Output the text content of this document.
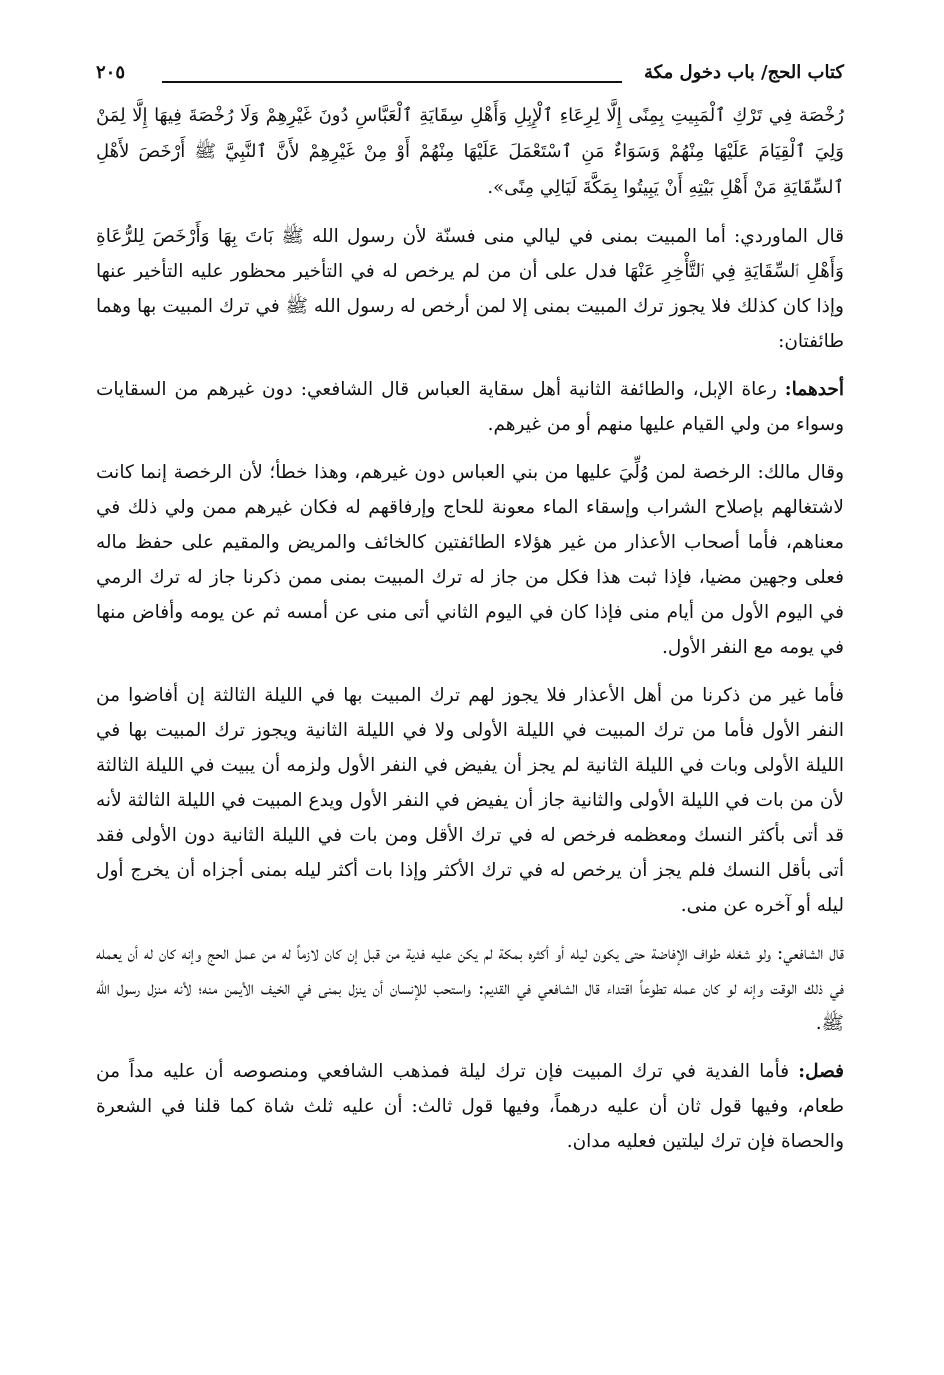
كتاب الحج/ باب دخول مكة
٢٠٥

رُخْصَة فِي تَرْكِ ٱلْمَبِيتِ بِمِنًى إِلَّا لِرِعَاءِ ٱلْإِبِلِ وَأَهْلِ سِقَايَةِ ٱلْعَبَّاسِ دُونَ غَيْرِهِمْ وَلَا رُخْصَةَ فِيهَا إِلَّا لِمَنْ وَلِيَ ٱلْقِيَامَ عَلَيْهَا مِنْهُمْ وَسَوَاءٌ مَنِ ٱسْتَعْمَلَ عَلَيْهَا مِنْهُمْ أَوْ مِنْ غَيْرِهِمْ لأَنَّ ٱلنَّبِيَّ ﷺ أَرْخَصَ لأَهْلِ ٱلسِّقَايَةِ مَنْ أَهْلِ بَيْتِهِ أَنْ يَبِيتُوا بِمَكَّةَ لَيَالِي مِنًى».

قال الماوردي: أما المبيت بمنى في ليالي منى فسنّة لأن رسول الله ﷺ بَاتَ بِهَا وَأَرْخَصَ لِلرُّعَاةِ وَأَهْلِ ٱلسِّقَايَةِ فِي ٱلتَّأْخِرِ عَنْهَا فدل على أن من لم يرخص له في التأخير محظور عليه التأخير عنها وإذا كان كذلك فلا يجوز ترك المبيت بمنى إلا لمن أرخص له رسول الله ﷺ في ترك المبيت بها وهما طائفتان:

أحدهما: رعاة الإبل، والطائفة الثانية أهل سقاية العباس قال الشافعي: دون غيرهم من السقايات وسواء من ولي القيام عليها منهم أو من غيرهم.

وقال مالك: الرخصة لمن وُلِّيَ عليها من بني العباس دون غيرهم، وهذا خطأ؛ لأن الرخصة إنما كانت لاشتغالهم بإصلاح الشراب وإسقاء الماء معونة للحاج وإرفاقهم له فكان غيرهم ممن ولي ذلك في معناهم، فأما أصحاب الأعذار من غير هؤلاء الطائفتين كالخائف والمريض والمقيم على حفظ ماله فعلى وجهين مضيا، فإذا ثبت هذا فكل من جاز له ترك المبيت بمنى ممن ذكرنا جاز له ترك الرمي في اليوم الأول من أيام منى فإذا كان في اليوم الثاني أتى منى عن أمسه ثم عن يومه وأفاض منها في يومه مع النفر الأول.

فأما غير من ذكرنا من أهل الأعذار فلا يجوز لهم ترك المبيت بها في الليلة الثالثة إن أفاضوا من النفر الأول فأما من ترك المبيت في الليلة الأولى ولا في الليلة الثانية ويجوز ترك المبيت بها في الليلة الأولى وبات في الليلة الثانية لم يجز أن يفيض في النفر الأول ولزمه أن يبيت في الليلة الثالثة لأن من بات في الليلة الأولى والثانية جاز أن يفيض في النفر الأول ويدع المبيت في الليلة الثالثة لأنه قد أتى بأكثر النسك ومعظمه فرخص له في ترك الأقل ومن بات في الليلة الثانية دون الأولى فقد أتى بأقل النسك فلم يجز أن يرخص له في ترك الأكثر وإذا بات أكثر ليله بمنى أجزاه أن يخرج أول ليله أو آخره عن منى.

قال الشافعي: ولو شغله طواف الإفاضة حتى يكون ليله أو أكثره بمكة لم يكن عليه فدية من قبل إن كان لازماً له من عمل الحج وإنه كان له أن يعمله في ذلك الوقت وإنه لو كان عمله تطوعاً اقتداء قال الشافعي في القديم: واستحب للإنسان أن ينزل بمنى في الخيف الأيمن منه؛ لأنه منزل رسول الله ﷺ.

فصل: فأما الفدية في ترك المبيت فإن ترك ليلة فمذهب الشافعي ومنصوصه أن عليه مداً من طعام، وفيها قول ثان أن عليه درهماً، وفيها قول ثالث: أن عليه ثلث شاة كما قلنا في الشعرة والحصاة فإن ترك ليلتين فعليه مدان.
